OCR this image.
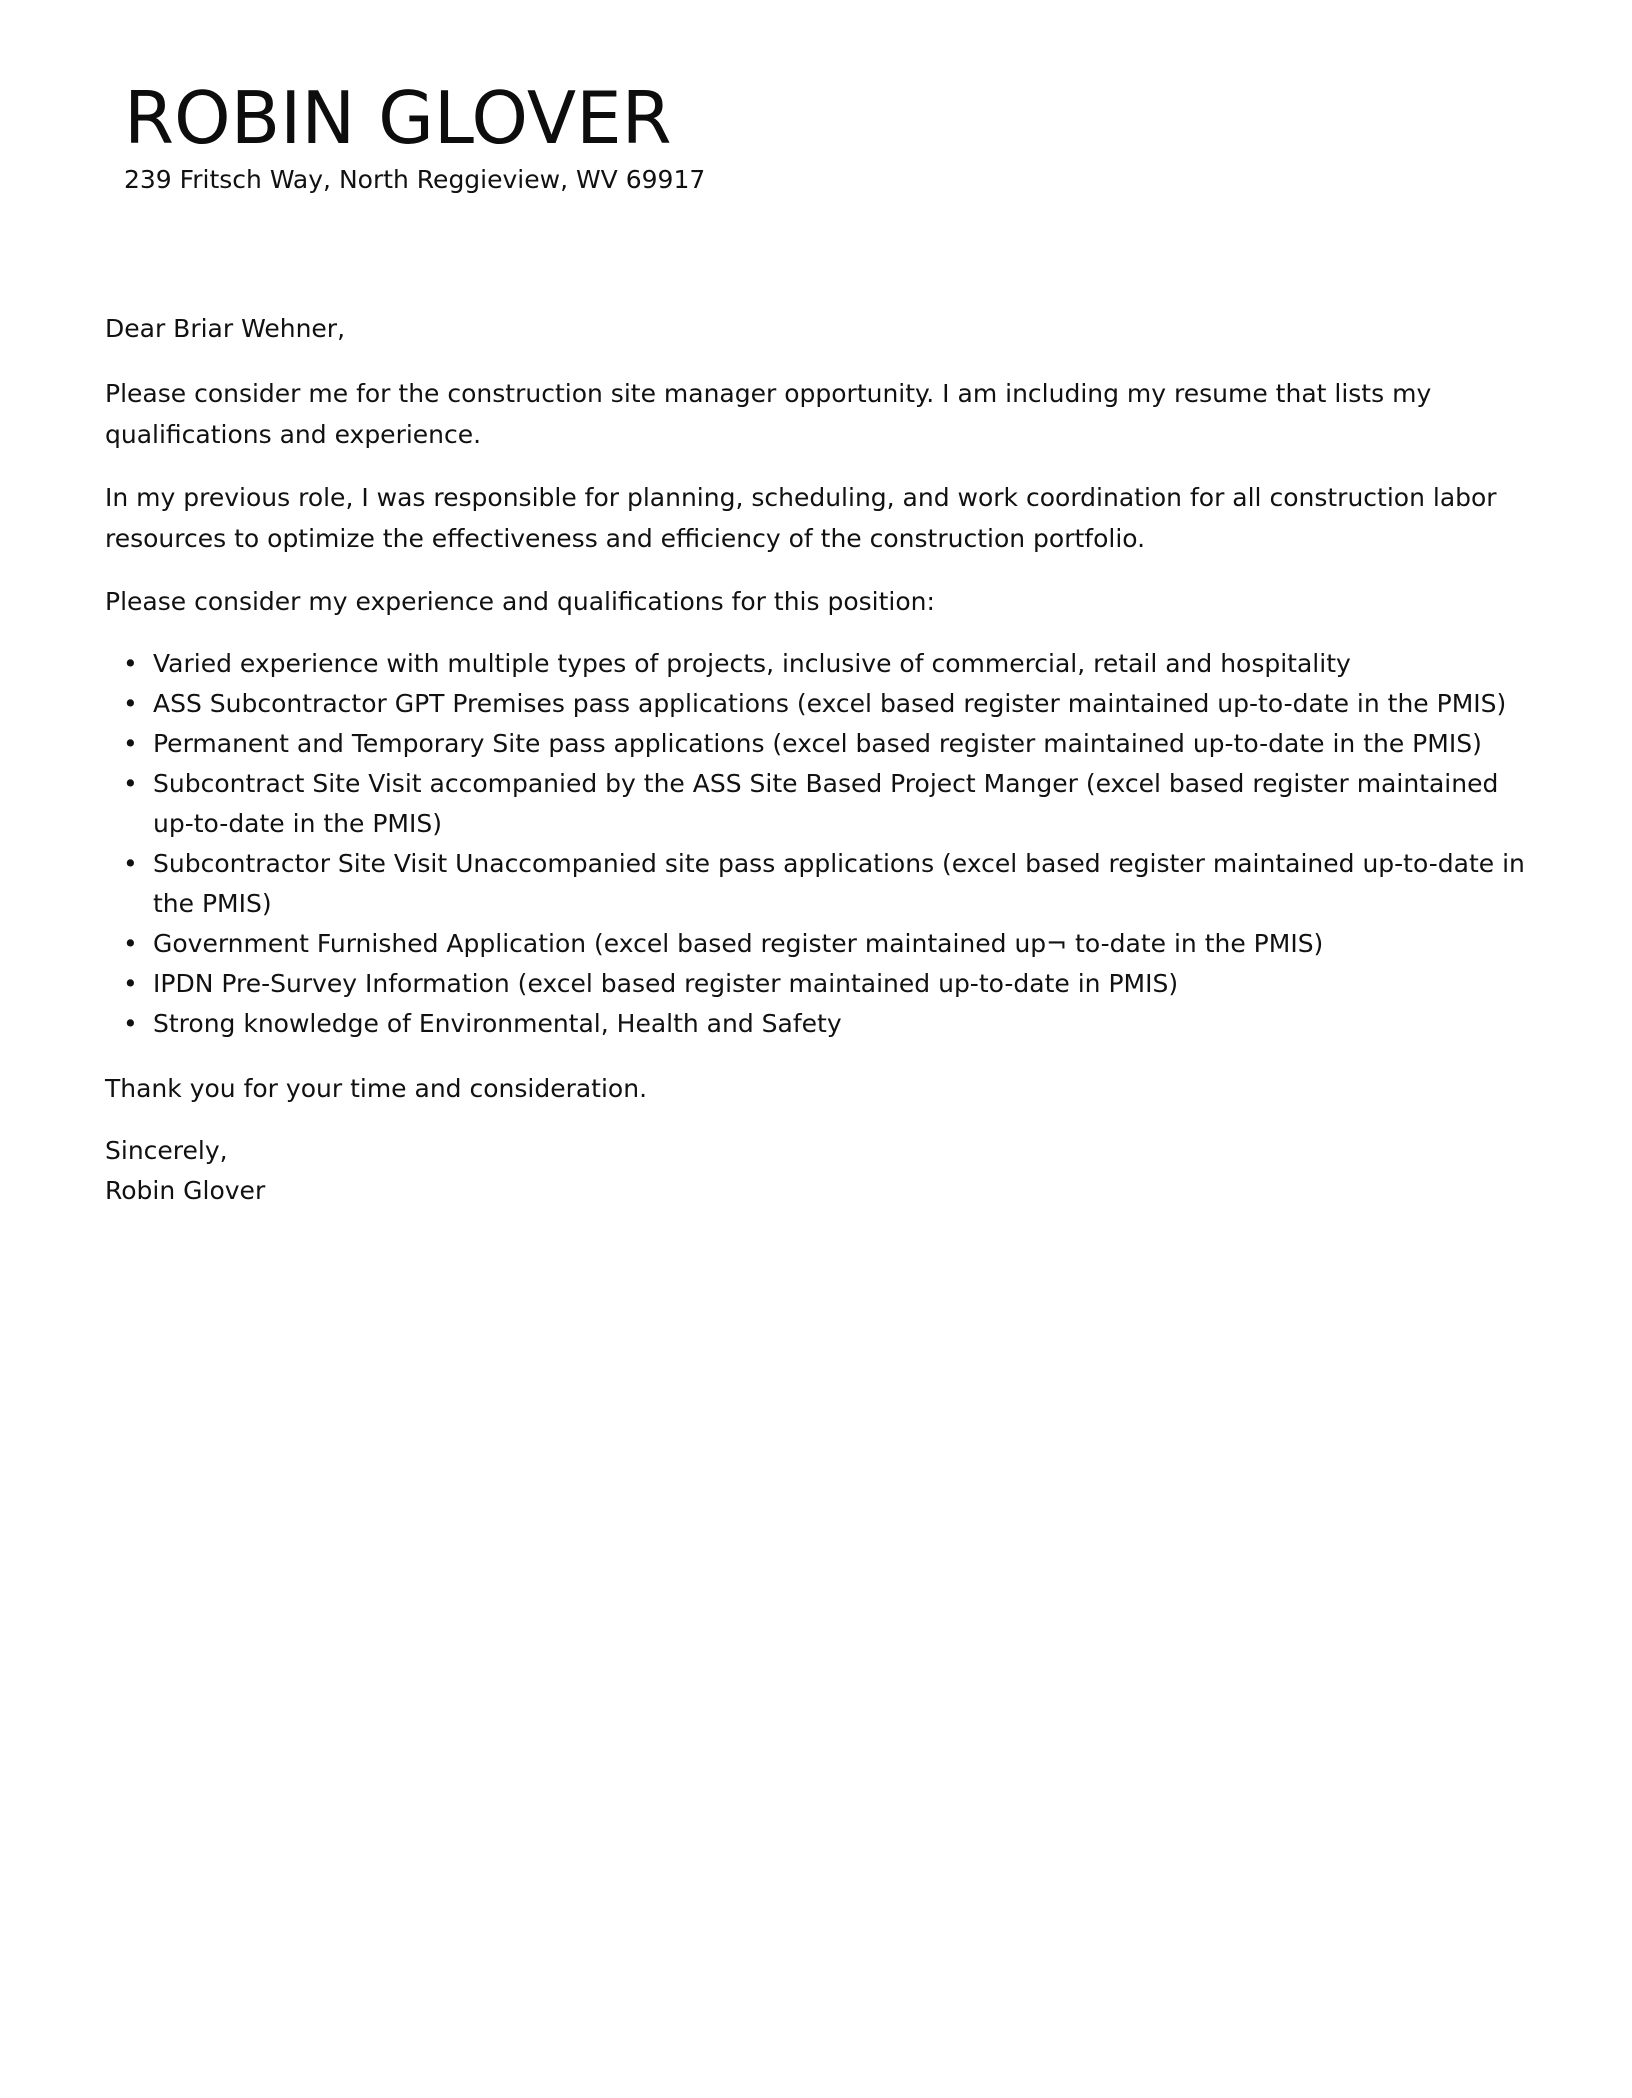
ROBIN GLOVER
239 Fritsch Way, North Reggieview, WV 69917

Dear Briar Wehner,

Please consider me for the construction site manager opportunity. I am including my resume that lists my qualifications and experience.

In my previous role, I was responsible for planning, scheduling, and work coordination for all construction labor resources to optimize the effectiveness and efficiency of the construction portfolio.

Please consider my experience and qualifications for this position:

• Varied experience with multiple types of projects, inclusive of commercial, retail and hospitality
• ASS Subcontractor GPT Premises pass applications (excel based register maintained up-to-date in the PMIS)
• Permanent and Temporary Site pass applications (excel based register maintained up-to-date in the PMIS)
• Subcontract Site Visit accompanied by the ASS Site Based Project Manger (excel based register maintained up-to-date in the PMIS)
• Subcontractor Site Visit Unaccompanied site pass applications (excel based register maintained up-to-date in the PMIS)
• Government Furnished Application (excel based register maintained up¬ to-date in the PMIS)
• IPDN Pre-Survey Information (excel based register maintained up-to-date in PMIS)
• Strong knowledge of Environmental, Health and Safety

Thank you for your time and consideration.

Sincerely,
Robin Glover
